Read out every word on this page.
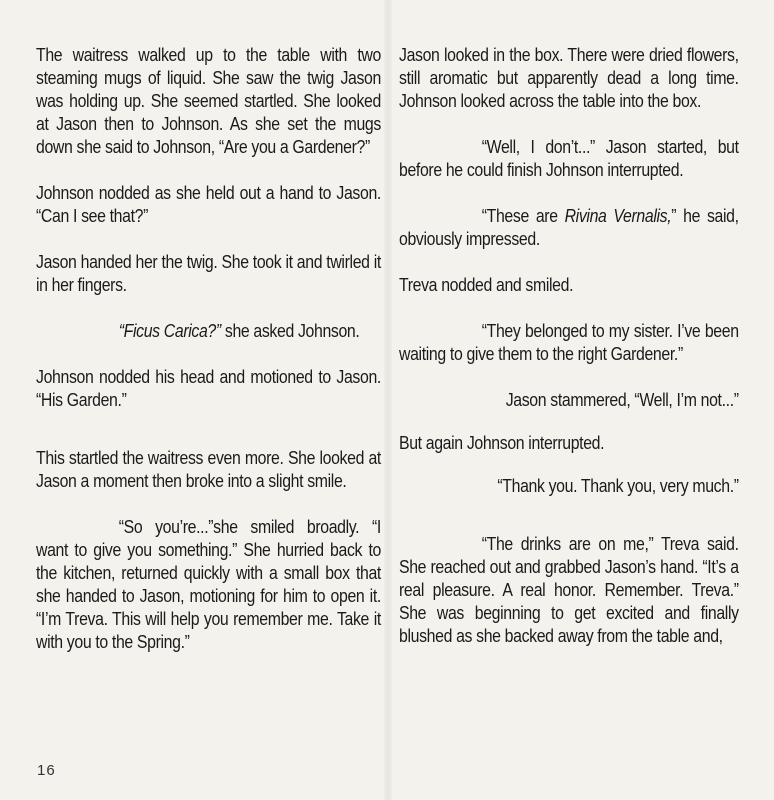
The waitress walked up to the table with two steaming mugs of liquid. She saw the twig Jason was holding up. She seemed startled. She looked at Jason then to Johnson. As she set the mugs down she said to Johnson, “Are you a Gardener?”

Johnson nodded as she held out a hand to Jason. “Can I see that?”

Jason handed her the twig. She took it and twirled it in her fingers.

“Ficus Carica?” she asked Johnson.

Johnson nodded his head and motioned to Jason. “His Garden.”

This startled the waitress even more. She looked at Jason a moment then broke into a slight smile.

“So you’re...”she smiled broadly. “I want to give you something.” She hurried back to the kitchen, returned quickly with a small box that she handed to Jason, motioning for him to open it. “I’m Treva. This will help you remember me. Take it with you to the Spring.”

Jason looked in the box. There were dried flowers, still aromatic but apparently dead a long time. Johnson looked across the table into the box.

“Well, I don’t...” Jason started, but before he could finish Johnson interrupted.

“These are Rivina Vernalis,” he said, obviously impressed.

Treva nodded and smiled.

“They belonged to my sister. I’ve been waiting to give them to the right Gardener.”

Jason stammered, “Well, I’m not...”

But again Johnson interrupted.

“Thank you. Thank you, very much.”

“The drinks are on me,” Treva said. She reached out and grabbed Jason’s hand. “It’s a real pleasure. A real honor. Remember. Treva.” She was beginning to get excited and finally blushed as she backed away from the table and,

16
